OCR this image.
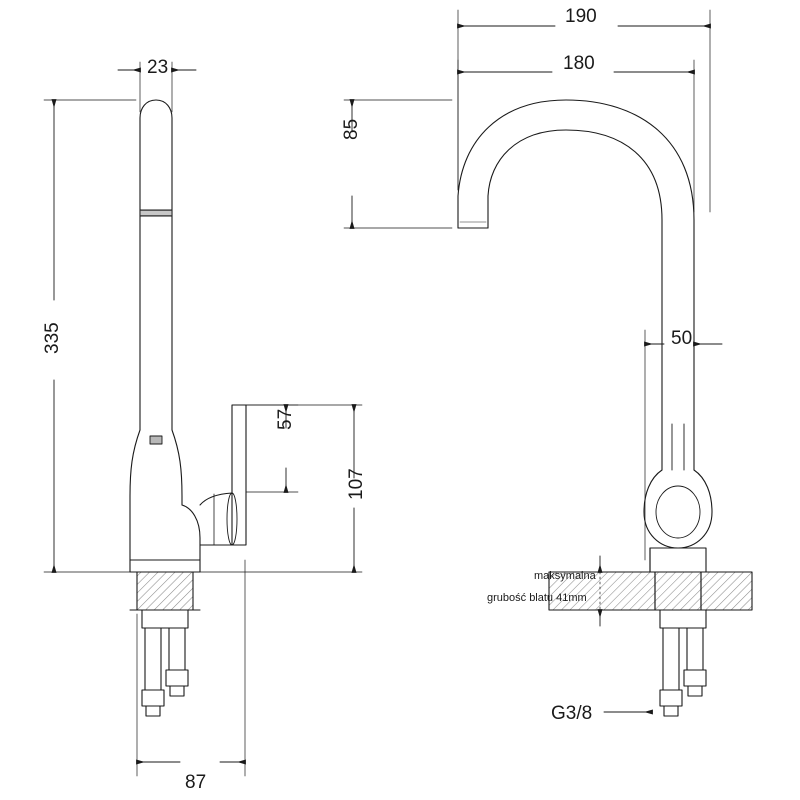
190
180
85
50
23
335
57
107
87
G3/8
maksymalna
grubość blatu 41mm
